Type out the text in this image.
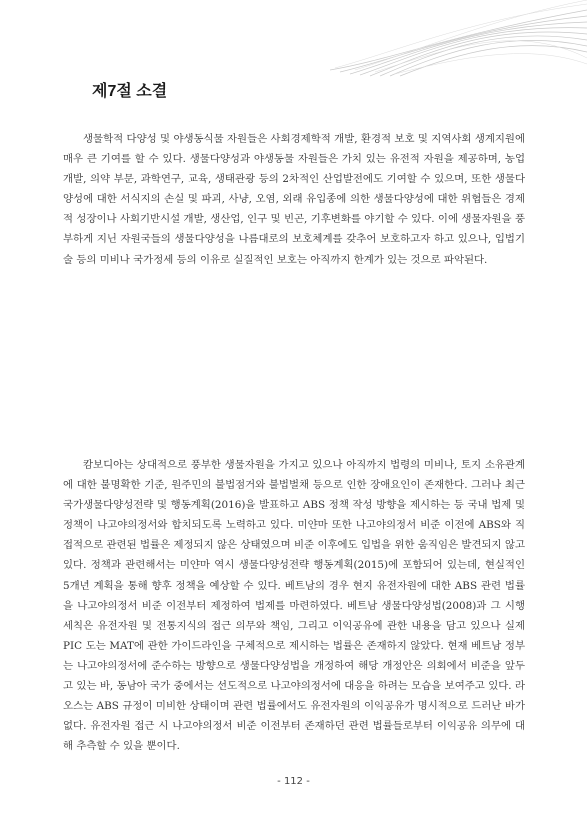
제7절 소결

생물학적 다양성 및 야생동식물 자원들은 사회경제학적 개발, 환경적 보호 및 지역사회 생계지원에 매우 큰 기여를 할 수 있다. 생물다양성과 야생동물 자원들은 가치 있는 유전적 자원을 제공하며, 농업개발, 의약 부문, 과학연구, 교육, 생태관광 등의 2차적인 산업발전에도 기여할 수 있으며, 또한 생물다양성에 대한 서식지의 손실 및 파괴, 사냥, 오염, 외래 유입종에 의한 생물다양성에 대한 위협들은 경제적 성장이나 사회기반시설 개발, 생산업, 인구 및 빈곤, 기후변화를 야기할 수 있다. 이에 생물자원을 풍부하게 지닌 자원국들의 생물다양성을 나름대로의 보호체계를 갖추어 보호하고자 하고 있으나, 입법기술 등의 미비나 국가정세 등의 이유로 실질적인 보호는 아직까지 한계가 있는 것으로 파악된다.

캄보디아는 상대적으로 풍부한 생물자원을 가지고 있으나 아직까지 법령의 미비나, 토지 소유관계에 대한 불명확한 기준, 원주민의 불법점거와 불법벌채 등으로 인한 장애요인이 존재한다. 그러나 최근 국가생물다양성전략 및 행동계획(2016)을 발표하고 ABS 정책 작성 방향을 제시하는 등 국내 법제 및 정책이 나고야의정서와 합치되도록 노력하고 있다. 미얀마 또한 나고야의정서 비준 이전에 ABS와 직접적으로 관련된 법률은 제정되지 않은 상태였으며 비준 이후에도 입법을 위한 움직임은 발견되지 않고 있다. 정책과 관련해서는 미얀마 역시 생물다양성전략 행동계획(2015)에 포함되어 있는데, 현실적인 5개년 계획을 통해 향후 정책을 예상할 수 있다. 베트남의 경우 현지 유전자원에 대한 ABS 관련 법률을 나고야의정서 비준 이전부터 제정하여 법제를 마련하였다. 베트남 생물다양성법(2008)과 그 시행세칙은 유전자원 및 전통지식의 접근 의무와 책임, 그리고 이익공유에 관한 내용을 담고 있으나 실제 PIC 도는 MAT에 관한 가이드라인을 구체적으로 제시하는 법률은 존재하지 않았다. 현재 베트남 정부는 나고야의정서에 준수하는 방향으로 생물다양성법을 개정하여 해당 개정안은 의회에서 비준을 앞두고 있는 바, 동남아 국가 중에서는 선도적으로 나고야의정서에 대응을 하려는 모습을 보여주고 있다. 라오스는 ABS 규정이 미비한 상태이며 관련 법률에서도 유전자원의 이익공유가 명시적으로 드러난 바가 없다. 유전자원 접근 시 나고야의정서 비준 이전부터 존재하던 관련 법률들로부터 이익공유 의무에 대해 추측할 수 있을 뿐이다.

- 112 -
